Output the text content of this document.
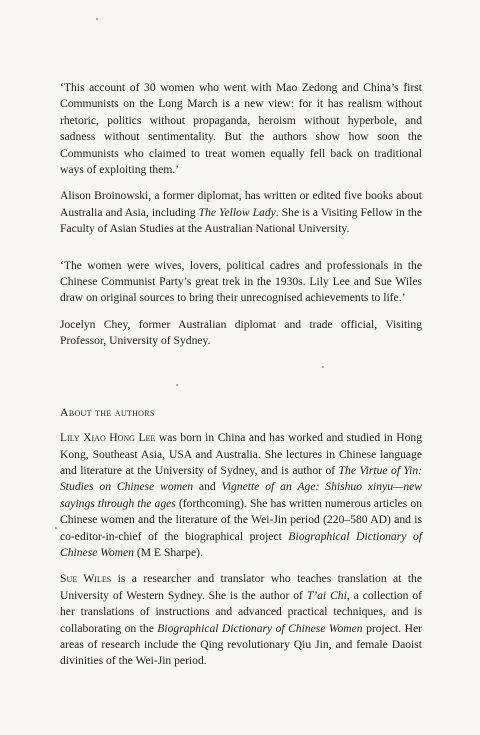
‘This account of 30 women who went with Mao Zedong and China’s first Communists on the Long March is a new view: for it has realism without rhetoric, politics without propaganda, heroism without hyperbole, and sadness without sentimentality. But the authors show how soon the Communists who claimed to treat women equally fell back on traditional ways of exploiting them.’

Alison Broinowski, a former diplomat, has written or edited five books about Australia and Asia, including The Yellow Lady. She is a Visiting Fellow in the Faculty of Asian Studies at the Australian National University.

‘The women were wives, lovers, political cadres and professionals in the Chinese Communist Party’s great trek in the 1930s. Lily Lee and Sue Wiles draw on original sources to bring their unrecognised achievements to life.’

Jocelyn Chey, former Australian diplomat and trade official, Visiting Professor, University of Sydney.

About the authors

Lily Xiao Hong Lee was born in China and has worked and studied in Hong Kong, Southeast Asia, USA and Australia. She lectures in Chinese language and literature at the University of Sydney, and is author of The Virtue of Yin: Studies on Chinese women and Vignette of an Age: Shishuo xinyu—new sayings through the ages (forthcoming). She has written numerous articles on Chinese women and the literature of the Wei-Jin period (220–580 AD) and is co-editor-in-chief of the biographical project Biographical Dictionary of Chinese Women (M E Sharpe).

Sue Wiles is a researcher and translator who teaches translation at the University of Western Sydney. She is the author of T’ai Chi, a collection of her translations of instructions and advanced practical techniques, and is collaborating on the Biographical Dictionary of Chinese Women project. Her areas of research include the Qing revolutionary Qiu Jin, and female Daoist divinities of the Wei-Jin period.
